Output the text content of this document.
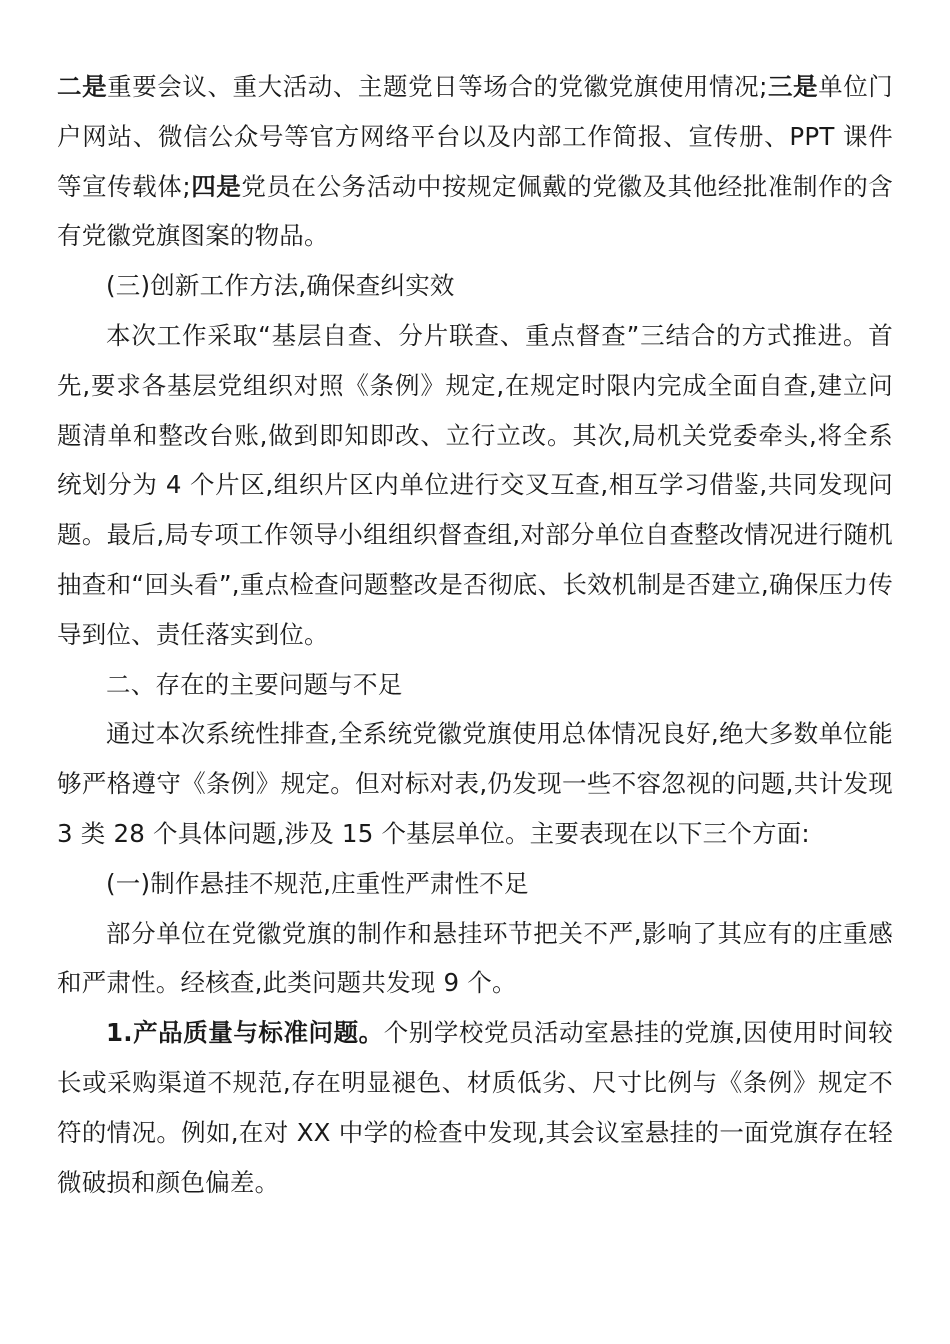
二是重要会议、重大活动、主题党日等场合的党徽党旗使用情况;三是单位门户网站、微信公众号等官方网络平台以及内部工作简报、宣传册、PPT 课件等宣传载体;四是党员在公务活动中按规定佩戴的党徽及其他经批准制作的含有党徽党旗图案的物品。

(三)创新工作方法,确保查纠实效

本次工作采取“基层自查、分片联查、重点督查”三结合的方式推进。首先,要求各基层党组织对照《条例》规定,在规定时限内完成全面自查,建立问题清单和整改台账,做到即知即改、立行立改。其次,局机关党委牵头,将全系统划分为 4 个片区,组织片区内单位进行交叉互查,相互学习借鉴,共同发现问题。最后,局专项工作领导小组组织督查组,对部分单位自查整改情况进行随机抽查和“回头看”,重点检查问题整改是否彻底、长效机制是否建立,确保压力传导到位、责任落实到位。

二、存在的主要问题与不足

通过本次系统性排查,全系统党徽党旗使用总体情况良好,绝大多数单位能够严格遵守《条例》规定。但对标对表,仍发现一些不容忽视的问题,共计发现 3 类 28 个具体问题,涉及 15 个基层单位。主要表现在以下三个方面:

(一)制作悬挂不规范,庄重性严肃性不足

部分单位在党徽党旗的制作和悬挂环节把关不严,影响了其应有的庄重感和严肃性。经核查,此类问题共发现 9 个。

1.产品质量与标准问题。个别学校党员活动室悬挂的党旗,因使用时间较长或采购渠道不规范,存在明显褪色、材质低劣、尺寸比例与《条例》规定不符的情况。例如,在对 XX 中学的检查中发现,其会议室悬挂的一面党旗存在轻微破损和颜色偏差。
